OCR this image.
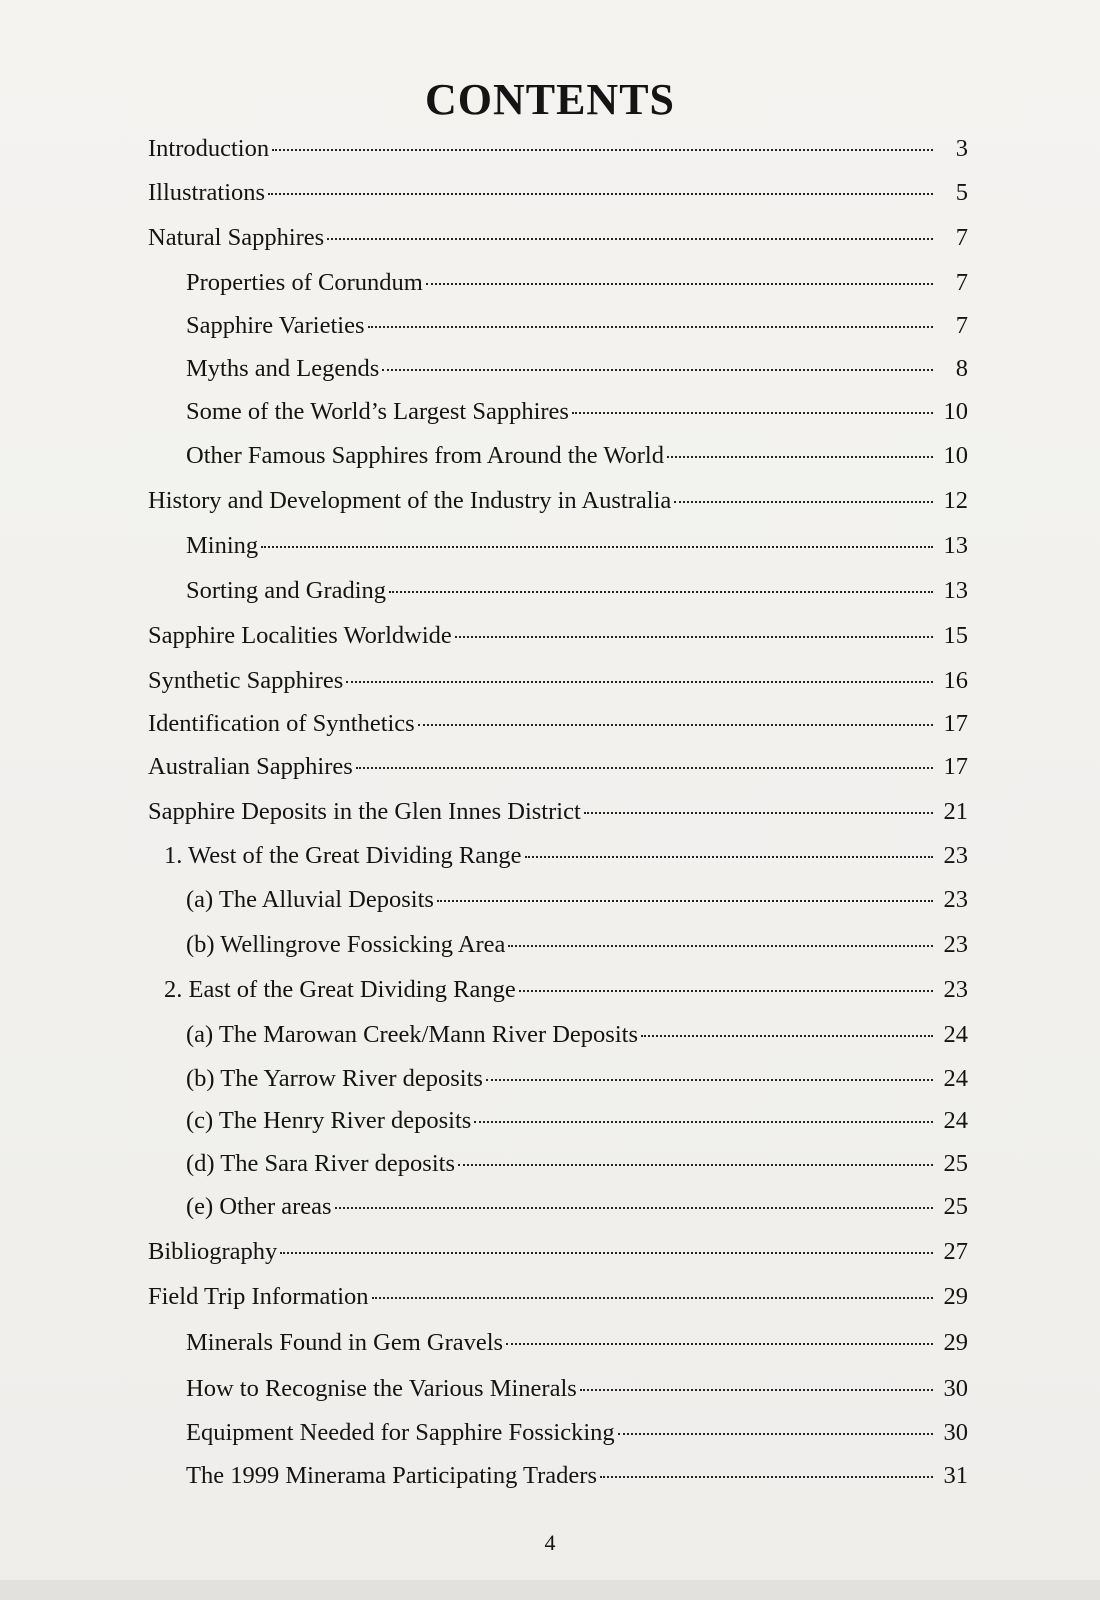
CONTENTS
Introduction	3
Illustrations	5
Natural Sapphires	7
Properties of Corundum	7
Sapphire Varieties	7
Myths and Legends	8
Some of the World’s Largest Sapphires	10
Other Famous Sapphires from Around the World	10
History and Development of the Industry in Australia	12
Mining	13
Sorting and Grading	13
Sapphire Localities Worldwide	15
Synthetic Sapphires	16
Identification of Synthetics	17
Australian Sapphires	17
Sapphire Deposits in the Glen Innes District	21
1. West of the Great Dividing Range	23
(a) The Alluvial Deposits	23
(b) Wellingrove Fossicking Area	23
2. East of the Great Dividing Range	23
(a) The Marowan Creek/Mann River Deposits	24
(b) The Yarrow River deposits	24
(c) The Henry River deposits	24
(d) The Sara River deposits	25
(e) Other areas	25
Bibliography	27
Field Trip Information	29
Minerals Found in Gem Gravels	29
How to Recognise the Various Minerals	30
Equipment Needed for Sapphire Fossicking	30
The 1999 Minerama Participating Traders	31
4
